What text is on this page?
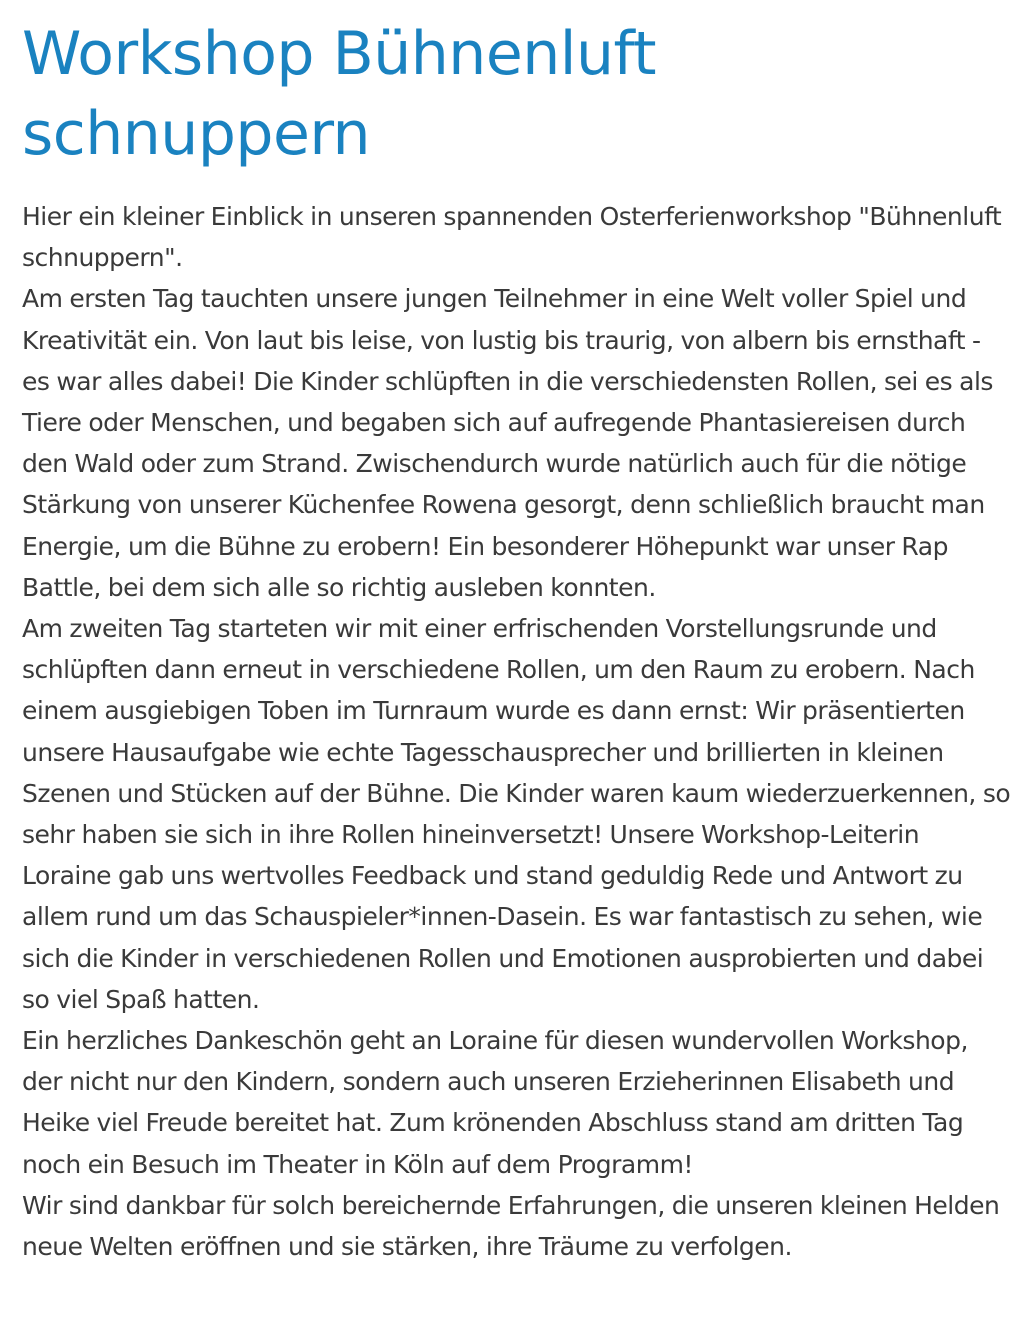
Workshop Bühnenluft schnuppern

Hier ein kleiner Einblick in unseren spannenden Osterferienworkshop "Bühnenluft schnuppern".

Am ersten Tag tauchten unsere jungen Teilnehmer in eine Welt voller Spiel und Kreativität ein. Von laut bis leise, von lustig bis traurig, von albern bis ernsthaft - es war alles dabei! Die Kinder schlüpften in die verschiedensten Rollen, sei es als Tiere oder Menschen, und begaben sich auf aufregende Phantasiereisen durch den Wald oder zum Strand. Zwischendurch wurde natürlich auch für die nötige Stärkung von unserer Küchenfee Rowena gesorgt, denn schließlich braucht man Energie, um die Bühne zu erobern! Ein besonderer Höhepunkt war unser Rap Battle, bei dem sich alle so richtig ausleben konnten.

Am zweiten Tag starteten wir mit einer erfrischenden Vorstellungsrunde und schlüpften dann erneut in verschiedene Rollen, um den Raum zu erobern. Nach einem ausgiebigen Toben im Turnraum wurde es dann ernst: Wir präsentierten unsere Hausaufgabe wie echte Tagesschausprecher und brillierten in kleinen Szenen und Stücken auf der Bühne. Die Kinder waren kaum wiederzuerkennen, so sehr haben sie sich in ihre Rollen hineinversetzt! Unsere Workshop-Leiterin Loraine gab uns wertvolles Feedback und stand geduldig Rede und Antwort zu allem rund um das Schauspieler*innen-Dasein. Es war fantastisch zu sehen, wie sich die Kinder in verschiedenen Rollen und Emotionen ausprobierten und dabei so viel Spaß hatten.

Ein herzliches Dankeschön geht an Loraine für diesen wundervollen Workshop, der nicht nur den Kindern, sondern auch unseren Erzieherinnen Elisabeth und Heike viel Freude bereitet hat. Zum krönenden Abschluss stand am dritten Tag noch ein Besuch im Theater in Köln auf dem Programm!

Wir sind dankbar für solch bereichernde Erfahrungen, die unseren kleinen Helden neue Welten eröffnen und sie stärken, ihre Träume zu verfolgen.
